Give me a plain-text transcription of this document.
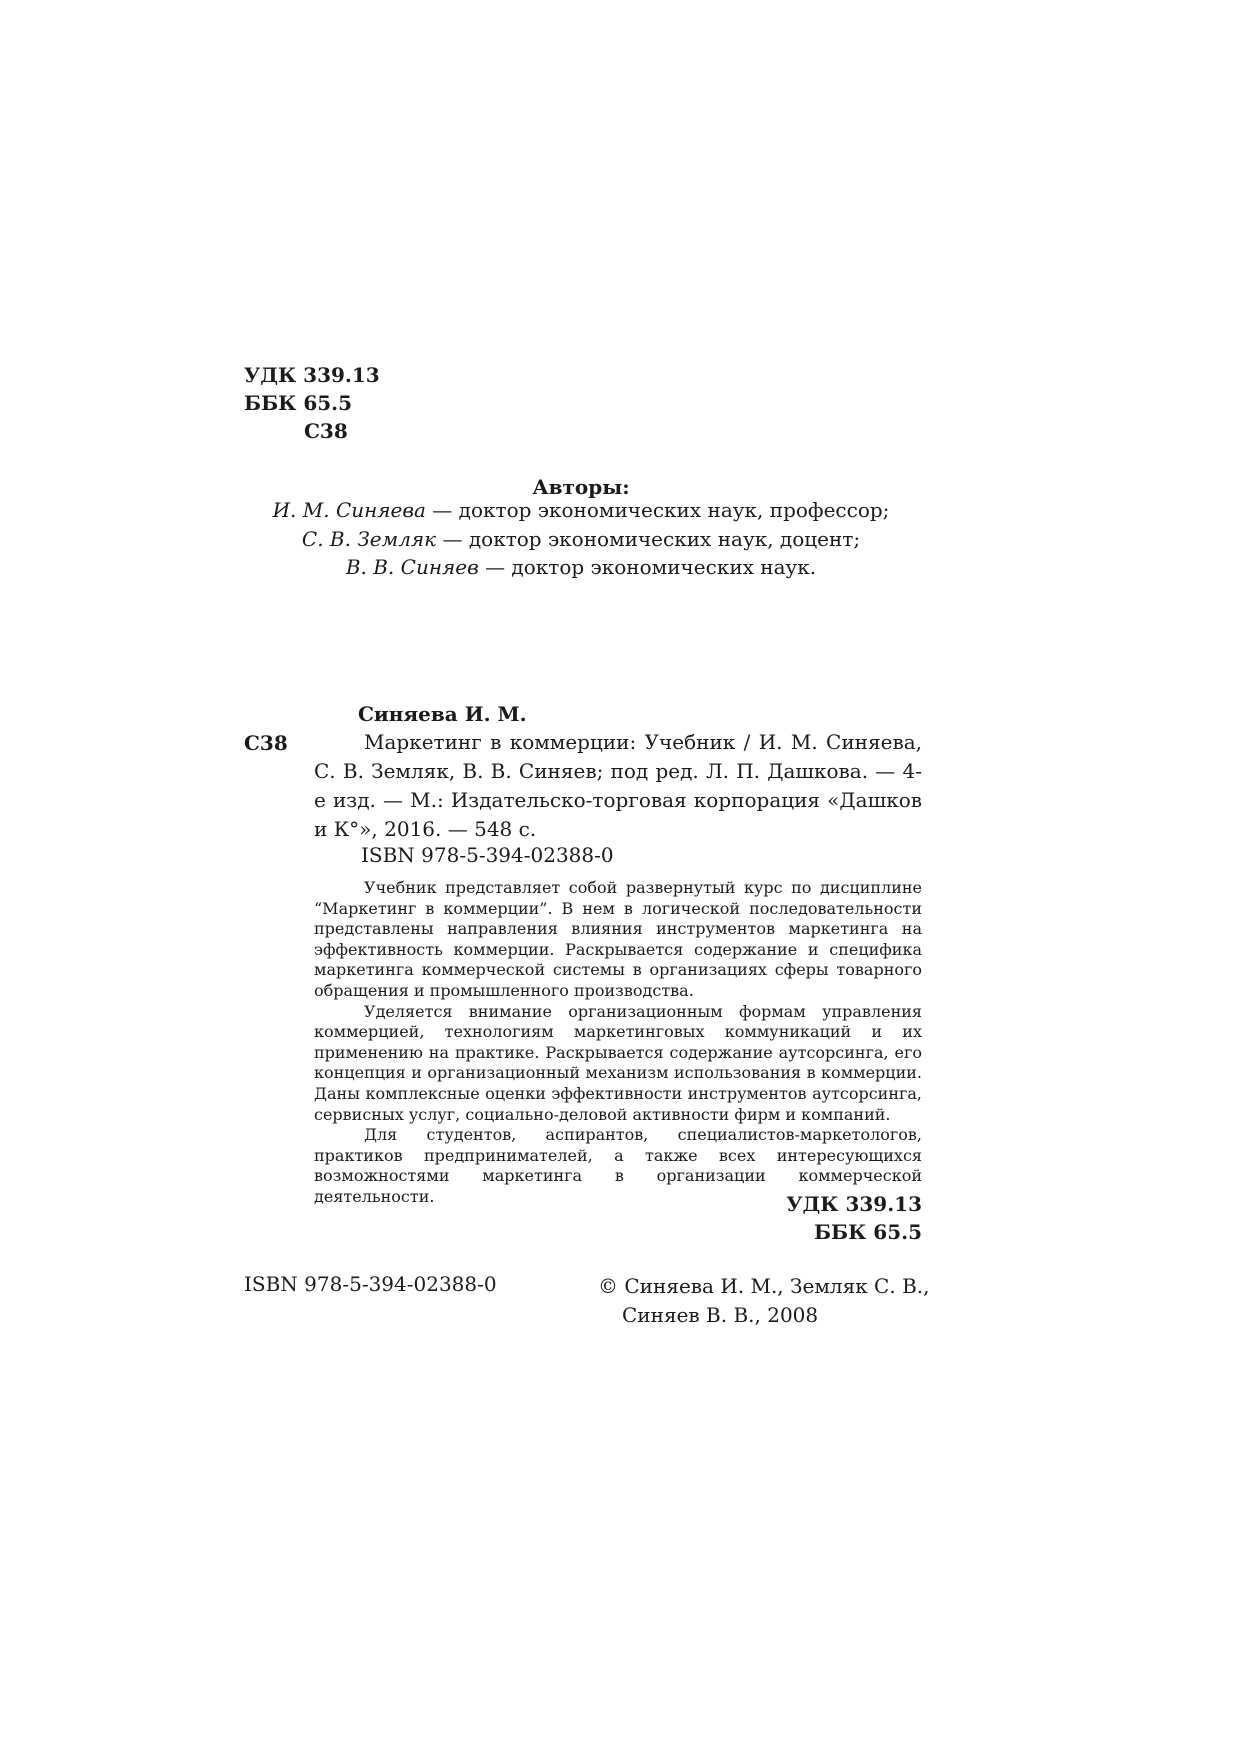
УДК 339.13
ББК 65.5
С38
Авторы:
И. М. Синяева — доктор экономических наук, профессор;
С. В. Земляк — доктор экономических наук, доцент;
В. В. Синяев — доктор экономических наук.
Синяева И. М.
С38	Маркетинг в коммерции: Учебник / И. М. Синяева, С. В. Земляк, В. В. Синяев; под ред. Л. П. Дашкова. — 4-е изд. — М.: Издательско-торговая корпорация «Дашков и К°», 2016. — 548 с.
ISBN 978-5-394-02388-0

Учебник представляет собой развернутый курс по дисциплине “Маркетинг в коммерции”. В нем в логической последовательности представлены направления влияния инструментов маркетинга на эффективность коммерции. Раскрывается содержание и специфика маркетинга коммерческой системы в организациях сферы товарного обращения и промышленного производства.

Уделяется внимание организационным формам управления коммерцией, технологиям маркетинговых коммуникаций и их применению на практике. Раскрывается содержание аутсорсинга, его концепция и организационный механизм использования в коммерции. Даны комплексные оценки эффективности инструментов аутсорсинга, сервисных услуг, социально-деловой активности фирм и компаний.

Для студентов, аспирантов, специалистов-маркетологов, практиков предпринимателей, а также всех интересующихся возможностями маркетинга в организации коммерческой деятельности.	УДК 339.13
ББК 65.5
ISBN 978-5-394-02388-0	© Синяева И. М., Земляк С. В.,
Синяев В. В., 2008
